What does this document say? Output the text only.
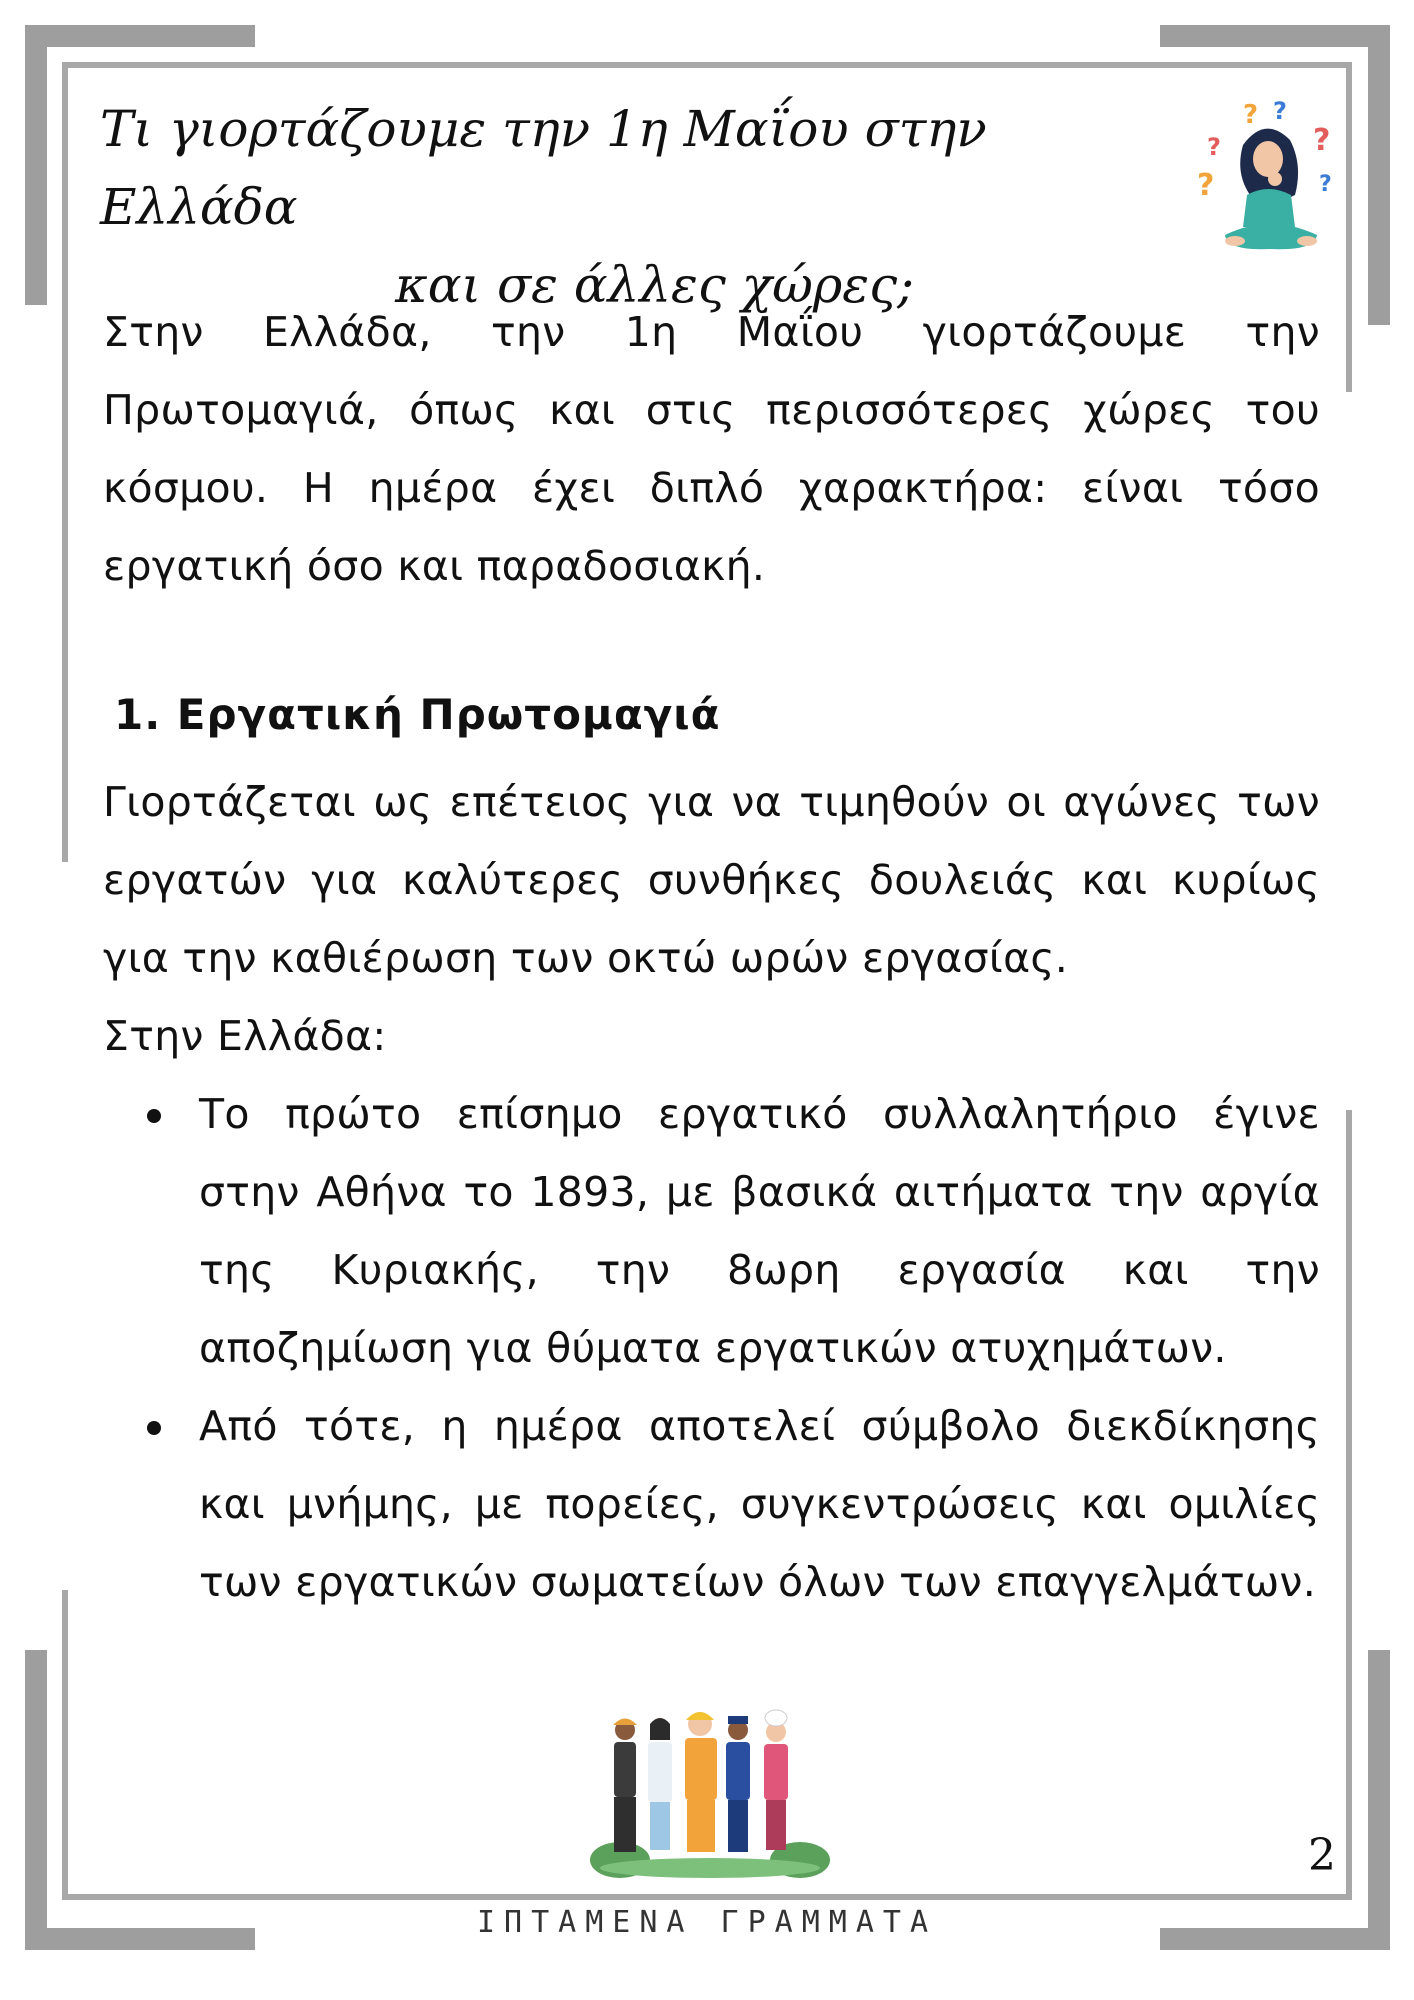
Τι γιορτάζουμε την 1η Μαΐου στην Ελλάδα
και σε άλλες χώρες;
? ?
?	?
?	?
Στην Ελλάδα, την 1η Μαΐου γιορτάζουμε την Πρωτομαγιά, όπως και στις περισσότερες χώρες του κόσμου. Η ημέρα έχει διπλό χαρακτήρα: είναι τόσο εργατική όσο και παραδοσιακή.
1. Εργατική Πρωτομαγιά
Γιορτάζεται ως επέτειος για να τιμηθούν οι αγώνες των εργατών για καλύτερες συνθήκες δουλειάς και κυρίως για την καθιέρωση των οκτώ ωρών εργασίας.
Στην Ελλάδα:
Το πρώτο επίσημο εργατικό συλλαλητήριο έγινε στην Αθήνα το 1893, με βασικά αιτήματα την αργία της Κυριακής, την 8ωρη εργασία και την αποζημίωση για θύματα εργατικών ατυχημάτων.
Από τότε, η ημέρα αποτελεί σύμβολο διεκδίκησης και μνήμης, με πορείες, συγκεντρώσεις και ομιλίες των εργατικών σωματείων όλων των επαγγελμάτων.
2
ΙΠΤΑΜΕΝΑ ΓΡΑΜΜΑΤΑ
